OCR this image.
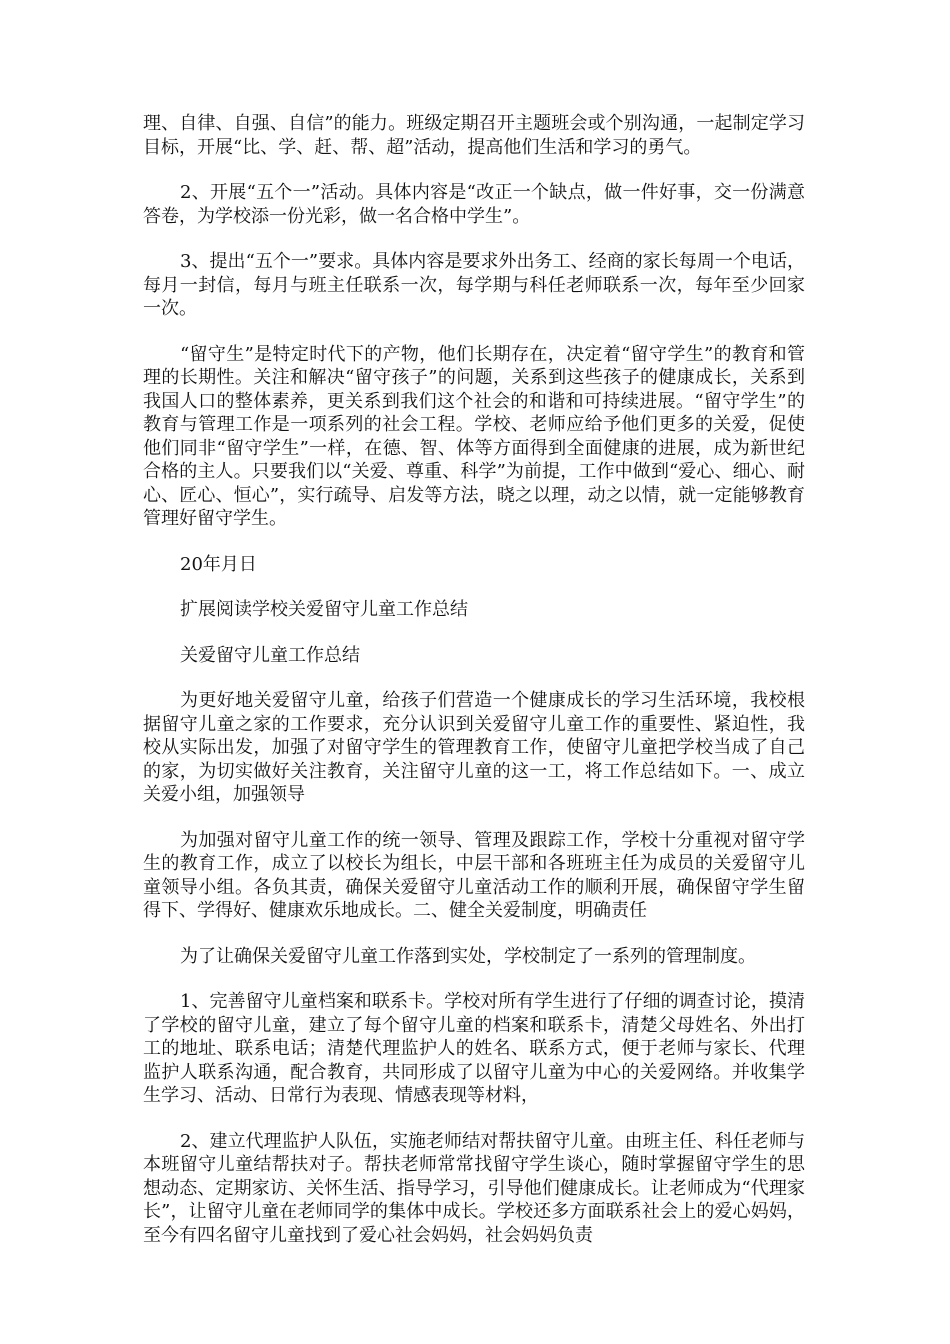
理、自律、自强、自信”的能力。班级定期召开主题班会或个别沟通，一起制定学习目标，开展“比、学、赶、帮、超”活动，提高他们生活和学习的勇气。

2、开展“五个一”活动。具体内容是“改正一个缺点，做一件好事，交一份满意答卷，为学校添一份光彩，做一名合格中学生”。

3、提出“五个一”要求。具体内容是要求外出务工、经商的家长每周一个电话，每月一封信，每月与班主任联系一次，每学期与科任老师联系一次，每年至少回家一次。

“留守生”是特定时代下的产物，他们长期存在，决定着“留守学生”的教育和管理的长期性。关注和解决“留守孩子”的问题，关系到这些孩子的健康成长，关系到我国人口的整体素养，更关系到我们这个社会的和谐和可持续进展。“留守学生”的教育与管理工作是一项系列的社会工程。学校、老师应给予他们更多的关爱，促使他们同非“留守学生”一样，在德、智、体等方面得到全面健康的进展，成为新世纪合格的主人。只要我们以“关爱、尊重、科学”为前提，工作中做到“爱心、细心、耐心、匠心、恒心”，实行疏导、启发等方法，晓之以理，动之以情，就一定能够教育管理好留守学生。

20年月日

扩展阅读学校关爱留守儿童工作总结

关爱留守儿童工作总结

为更好地关爱留守儿童，给孩子们营造一个健康成长的学习生活环境，我校根据留守儿童之家的工作要求，充分认识到关爱留守儿童工作的重要性、紧迫性，我校从实际出发，加强了对留守学生的管理教育工作，使留守儿童把学校当成了自己的家，为切实做好关注教育，关注留守儿童的这一工，将工作总结如下。一、成立关爱小组，加强领导

为加强对留守儿童工作的统一领导、管理及跟踪工作，学校十分重视对留守学生的教育工作，成立了以校长为组长，中层干部和各班班主任为成员的关爱留守儿童领导小组。各负其责，确保关爱留守儿童活动工作的顺利开展，确保留守学生留得下、学得好、健康欢乐地成长。二、健全关爱制度，明确责任

为了让确保关爱留守儿童工作落到实处，学校制定了一系列的管理制度。

1、完善留守儿童档案和联系卡。学校对所有学生进行了仔细的调查讨论，摸清了学校的留守儿童，建立了每个留守儿童的档案和联系卡，清楚父母姓名、外出打工的地址、联系电话；清楚代理监护人的姓名、联系方式，便于老师与家长、代理监护人联系沟通，配合教育，共同形成了以留守儿童为中心的关爱网络。并收集学生学习、活动、日常行为表现、情感表现等材料，

2、建立代理监护人队伍，实施老师结对帮扶留守儿童。由班主任、科任老师与本班留守儿童结帮扶对子。帮扶老师常常找留守学生谈心，随时掌握留守学生的思想动态、定期家访、关怀生活、指导学习，引导他们健康成长。让老师成为“代理家长”，让留守儿童在老师同学的集体中成长。学校还多方面联系社会上的爱心妈妈，至今有四名留守儿童找到了爱心社会妈妈，社会妈妈负责
